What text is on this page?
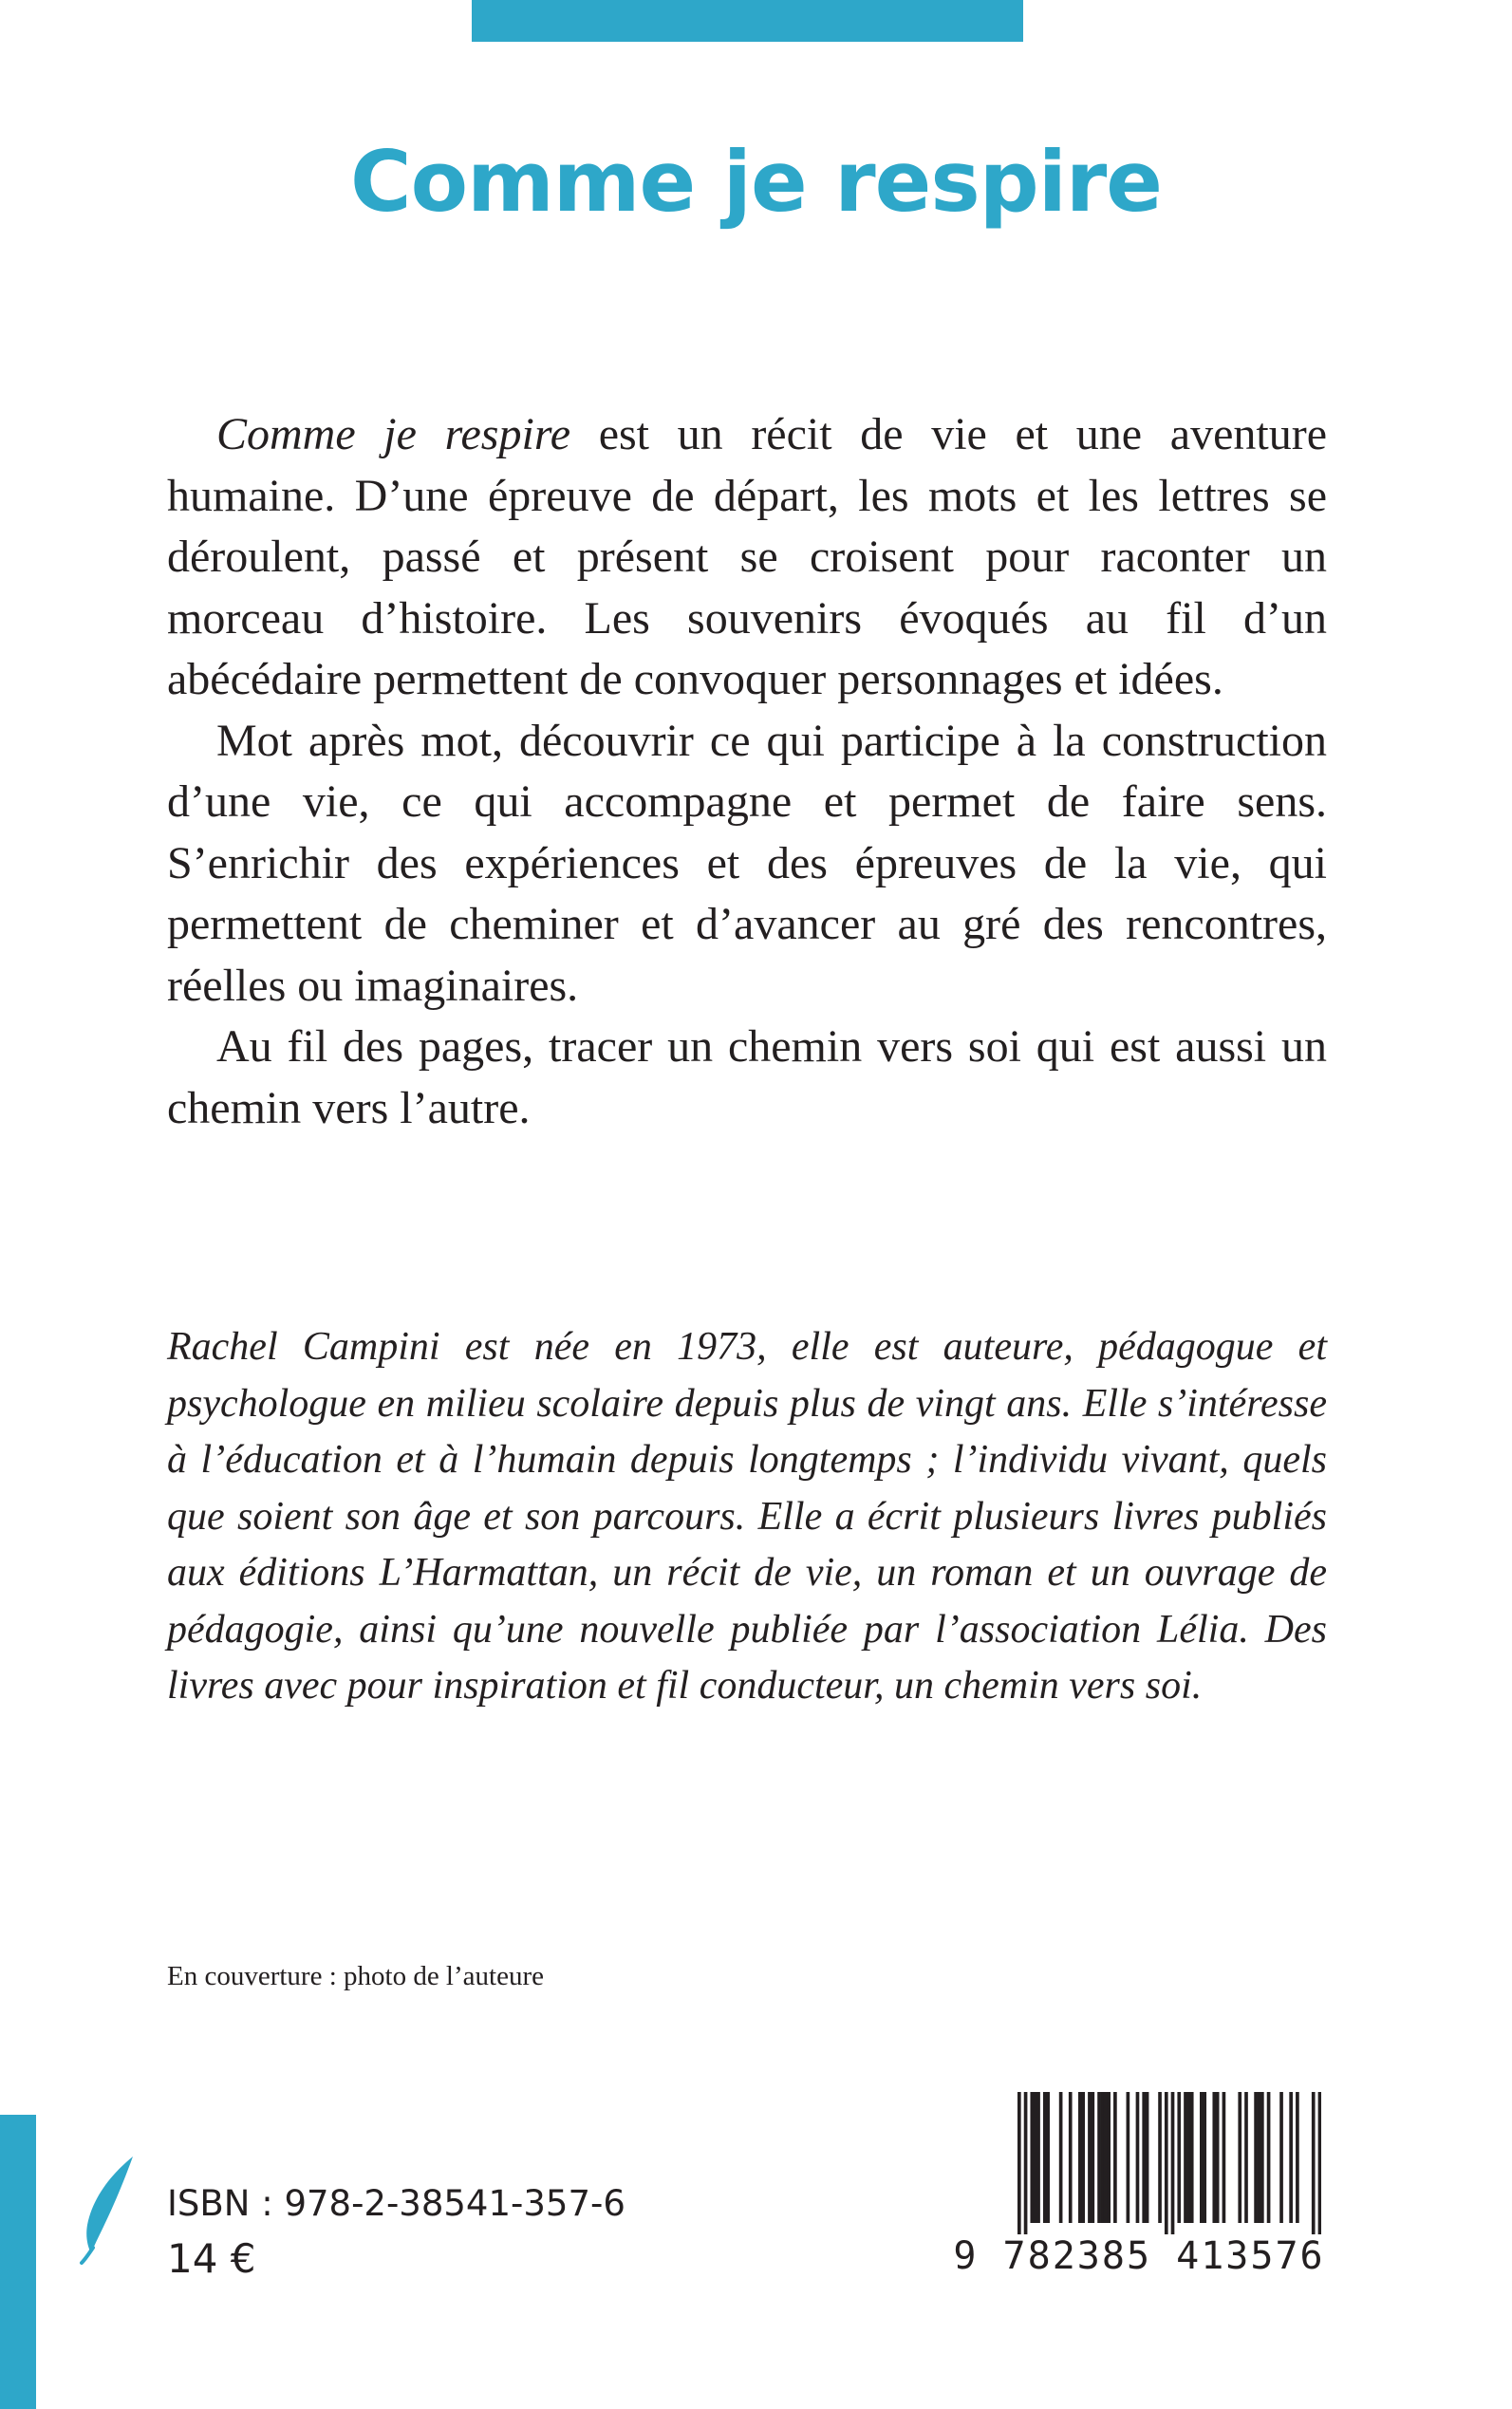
Comme je respire

Comme je respire est un récit de vie et une aventure humaine. D’une épreuve de départ, les mots et les lettres se déroulent, passé et présent se croisent pour raconter un morceau d’histoire. Les souvenirs évoqués au fil d’un abécédaire permettent de convoquer personnages et idées.

Mot après mot, découvrir ce qui participe à la construction d’une vie, ce qui accompagne et permet de faire sens. S’enrichir des expériences et des épreuves de la vie, qui permettent de cheminer et d’avancer au gré des rencontres, réelles ou imaginaires.

Au fil des pages, tracer un chemin vers soi qui est aussi un chemin vers l’autre.

Rachel Campini est née en 1973, elle est auteure, pédagogue et psychologue en milieu scolaire depuis plus de vingt ans. Elle s’intéresse à l’éducation et à l’humain depuis longtemps ; l’individu vivant, quels que soient son âge et son parcours. Elle a écrit plusieurs livres publiés aux éditions L’Harmattan, un récit de vie, un roman et un ouvrage de pédagogie, ainsi qu’une nouvelle publiée par l’association Lélia. Des livres avec pour inspiration et fil conducteur, un chemin vers soi.

En couverture : photo de l’auteure

ISBN : 978-2-38541-357-6

14 €	9 782385 413576
